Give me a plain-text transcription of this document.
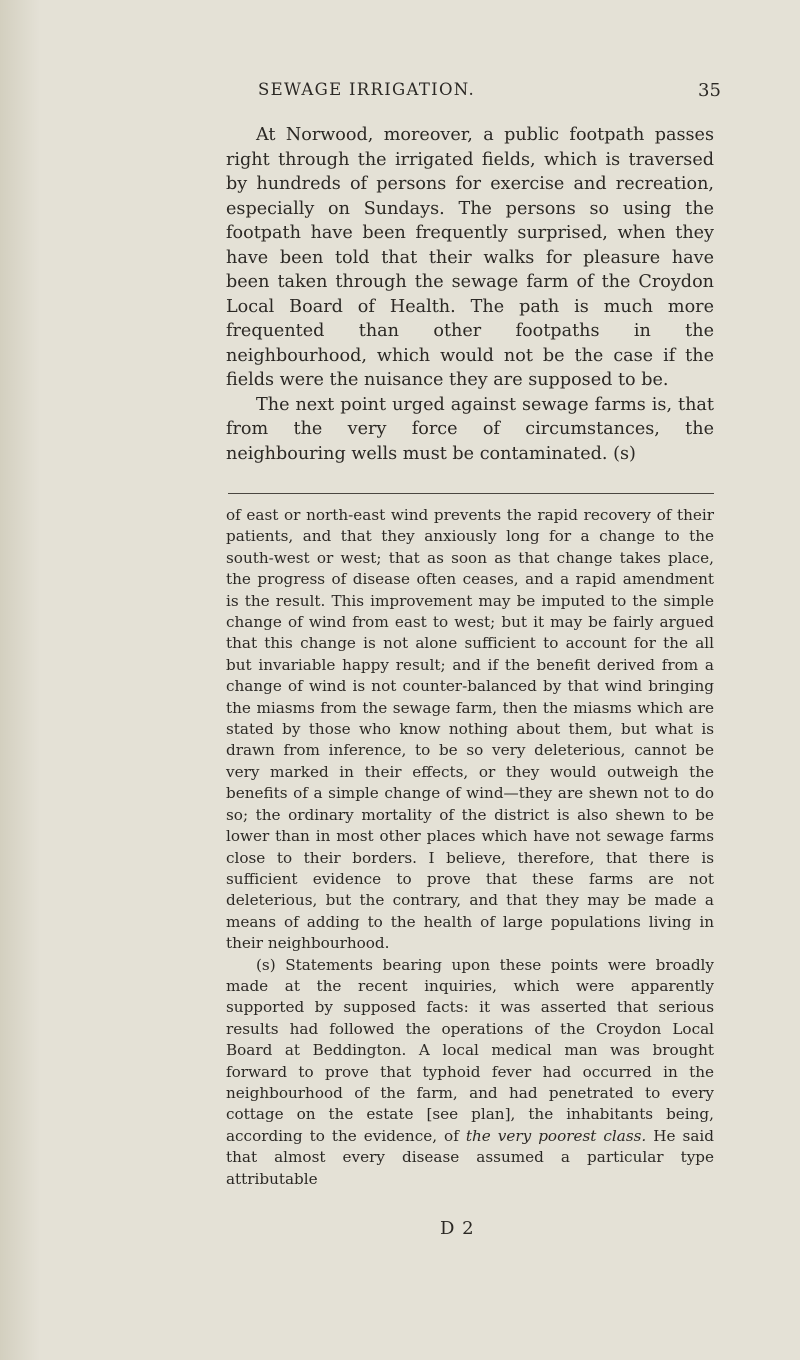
SEWAGE IRRIGATION.	35

At Norwood, moreover, a public footpath passes right through the irrigated fields, which is traversed by hundreds of persons for exercise and recreation, especially on Sundays. The persons so using the footpath have been frequently surprised, when they have been told that their walks for pleasure have been taken through the sewage farm of the Croydon Local Board of Health. The path is much more frequented than other footpaths in the neighbourhood, which would not be the case if the fields were the nuisance they are supposed to be.

The next point urged against sewage farms is, that from the very force of circumstances, the neighbouring wells must be contaminated. (s)

of east or north-east wind prevents the rapid recovery of their patients, and that they anxiously long for a change to the south-west or west; that as soon as that change takes place, the progress of disease often ceases, and a rapid amendment is the result. This improvement may be imputed to the simple change of wind from east to west; but it may be fairly argued that this change is not alone sufficient to account for the all but invariable happy result; and if the benefit derived from a change of wind is not counter-balanced by that wind bringing the miasms from the sewage farm, then the miasms which are stated by those who know nothing about them, but what is drawn from inference, to be so very deleterious, cannot be very marked in their effects, or they would outweigh the benefits of a simple change of wind—they are shewn not to do so; the ordinary mortality of the district is also shewn to be lower than in most other places which have not sewage farms close to their borders. I believe, therefore, that there is sufficient evidence to prove that these farms are not deleterious, but the contrary, and that they may be made a means of adding to the health of large populations living in their neighbourhood.

(s) Statements bearing upon these points were broadly made at the recent inquiries, which were apparently supported by supposed facts: it was asserted that serious results had followed the operations of the Croydon Local Board at Beddington. A local medical man was brought forward to prove that typhoid fever had occurred in the neighbourhood of the farm, and had penetrated to every cottage on the estate [see plan], the inhabitants being, according to the evidence, of the very poorest class. He said that almost every disease assumed a particular type attributable

D 2
